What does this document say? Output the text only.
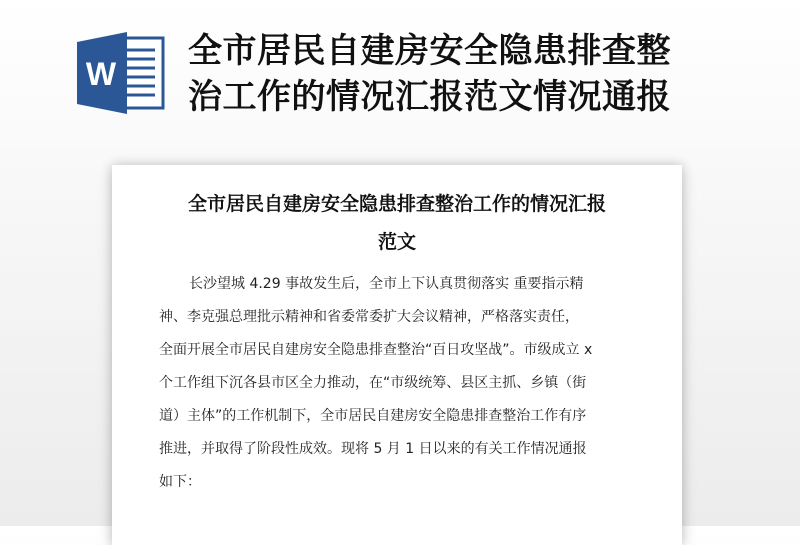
W
全市居民自建房安全隐患排查整
治工作的情况汇报范文情况通报
全市居民自建房安全隐患排查整治工作的情况汇报
范文
长沙望城 4.29 事故发生后，全市上下认真贯彻落实 重要指示精
神、李克强总理批示精神和省委常委扩大会议精神，严格落实责任，
全面开展全市居民自建房安全隐患排查整治“百日攻坚战”。市级成立 x
个工作组下沉各县市区全力推动，在“市级统筹、县区主抓、乡镇（街
道）主体”的工作机制下，全市居民自建房安全隐患排查整治工作有序
推进，并取得了阶段性成效。现将 5 月 1 日以来的有关工作情况通报
如下：
